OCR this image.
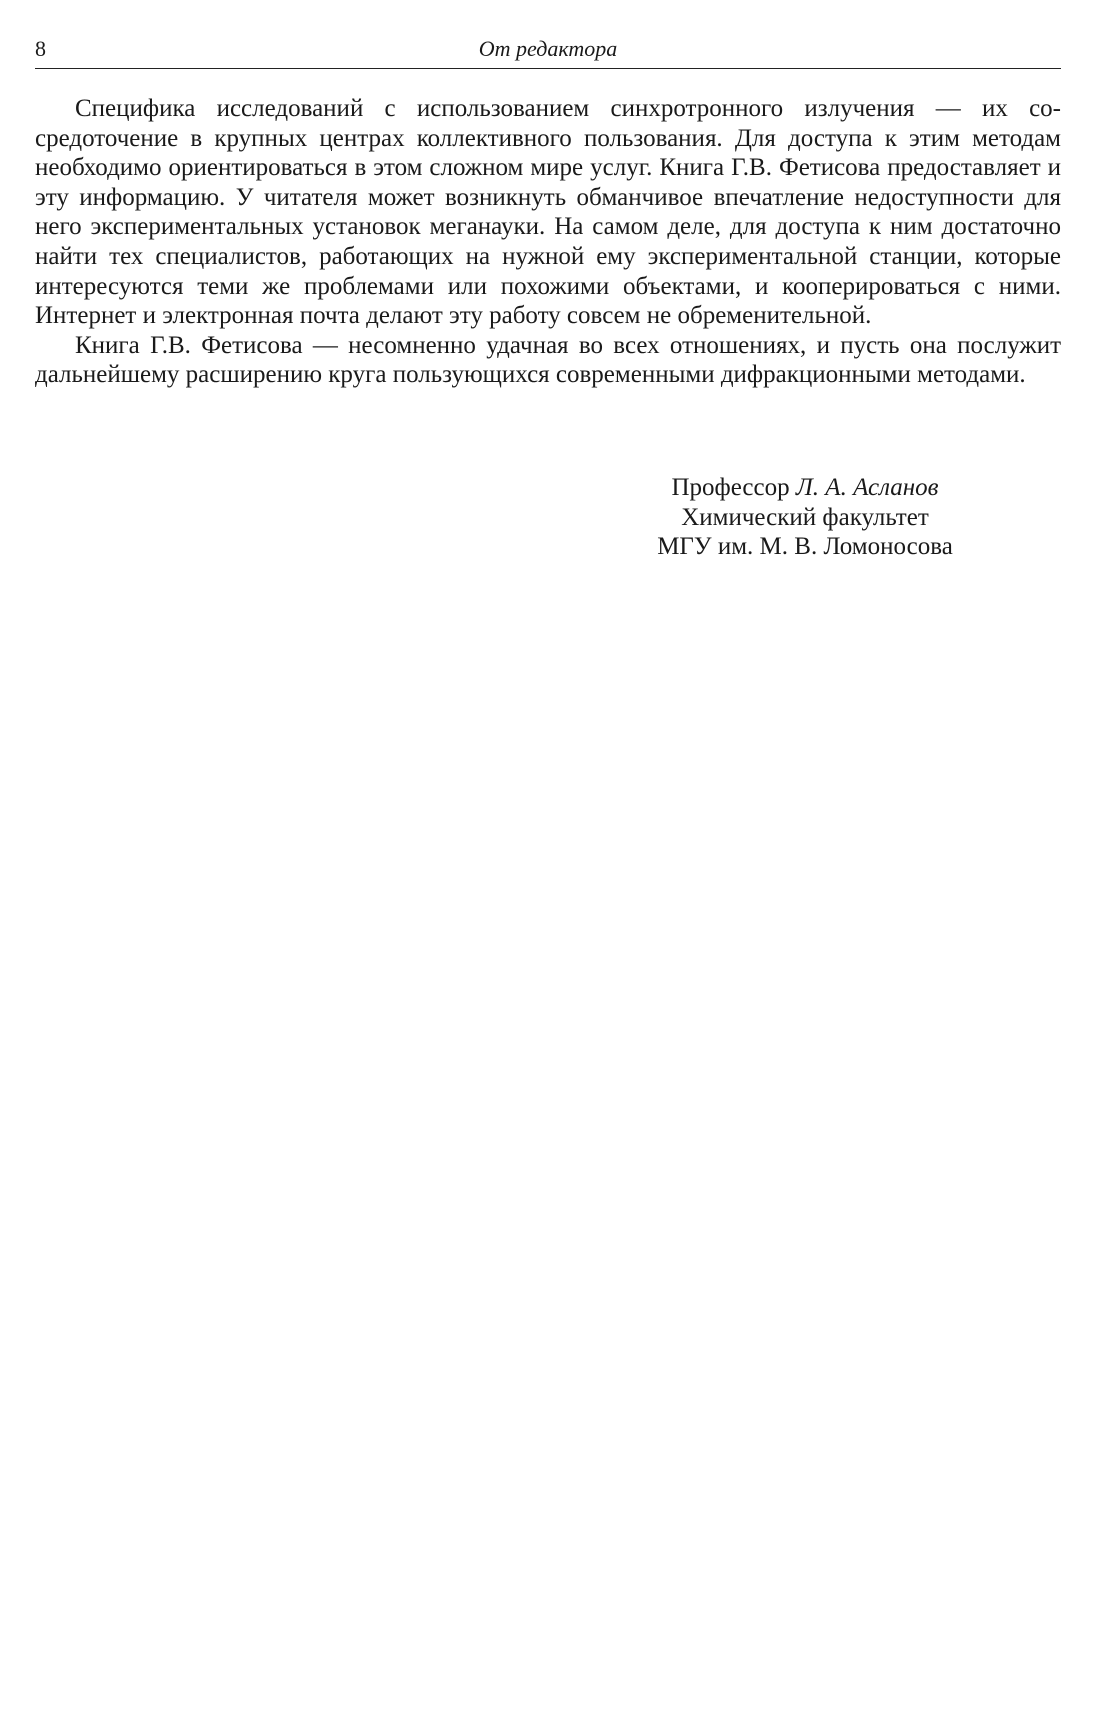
8	От редактора

Специфика исследований с использованием синхротронного излучения — их сосредоточение в крупных центрах коллективного пользования. Для доступа к этим методам необходимо ориентироваться в этом сложном мире услуг. Книга Г.В. Фетисова предоставляет и эту информацию. У читателя может возникнуть обманчивое впечатление недоступности для него экспериментальных установок меганауки. На самом деле, для доступа к ним достаточно найти тех специалистов, работающих на нужной ему экспериментальной станции, которые интересуются теми же проблемами или похожими объектами, и кооперироваться с ними. Интернет и электронная почта делают эту работу совсем не обременительной.

Книга Г.В. Фетисова — несомненно удачная во всех отношениях, и пусть она послужит дальнейшему расширению круга пользующихся современными дифракционными методами.

Профессор Л. А. Асланов
Химический факультет
МГУ им. М. В. Ломоносова
